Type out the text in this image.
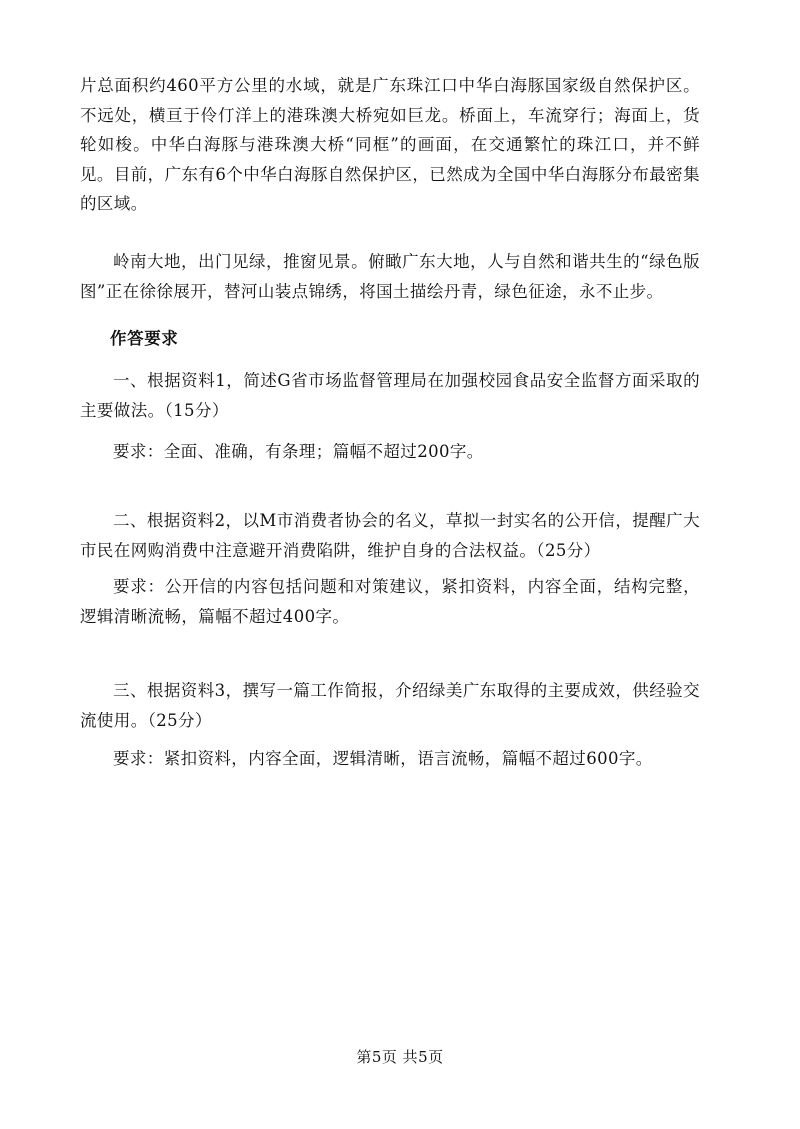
片总面积约460平方公里的水域，就是广东珠江口中华白海豚国家级自然保护区。不远处，横亘于伶仃洋上的港珠澳大桥宛如巨龙。桥面上，车流穿行；海面上，货轮如梭。中华白海豚与港珠澳大桥“同框”的画面，在交通繁忙的珠江口，并不鲜见。目前，广东有6个中华白海豚自然保护区，已然成为全国中华白海豚分布最密集的区域。

岭南大地，出门见绿，推窗见景。俯瞰广东大地，人与自然和谐共生的“绿色版图”正在徐徐展开，替河山装点锦绣，将国土描绘丹青，绿色征途，永不止步。

作答要求

一、根据资料1，简述G省市场监督管理局在加强校园食品安全监督方面采取的主要做法。（15分）

要求：全面、准确，有条理；篇幅不超过200字。

二、根据资料2，以M市消费者协会的名义，草拟一封实名的公开信，提醒广大市民在网购消费中注意避开消费陷阱，维护自身的合法权益。（25分）

要求：公开信的内容包括问题和对策建议，紧扣资料，内容全面，结构完整，逻辑清晰流畅，篇幅不超过400字。

三、根据资料3，撰写一篇工作简报，介绍绿美广东取得的主要成效，供经验交流使用。（25分）

要求：紧扣资料，内容全面，逻辑清晰，语言流畅，篇幅不超过600字。

第5页 共5页
